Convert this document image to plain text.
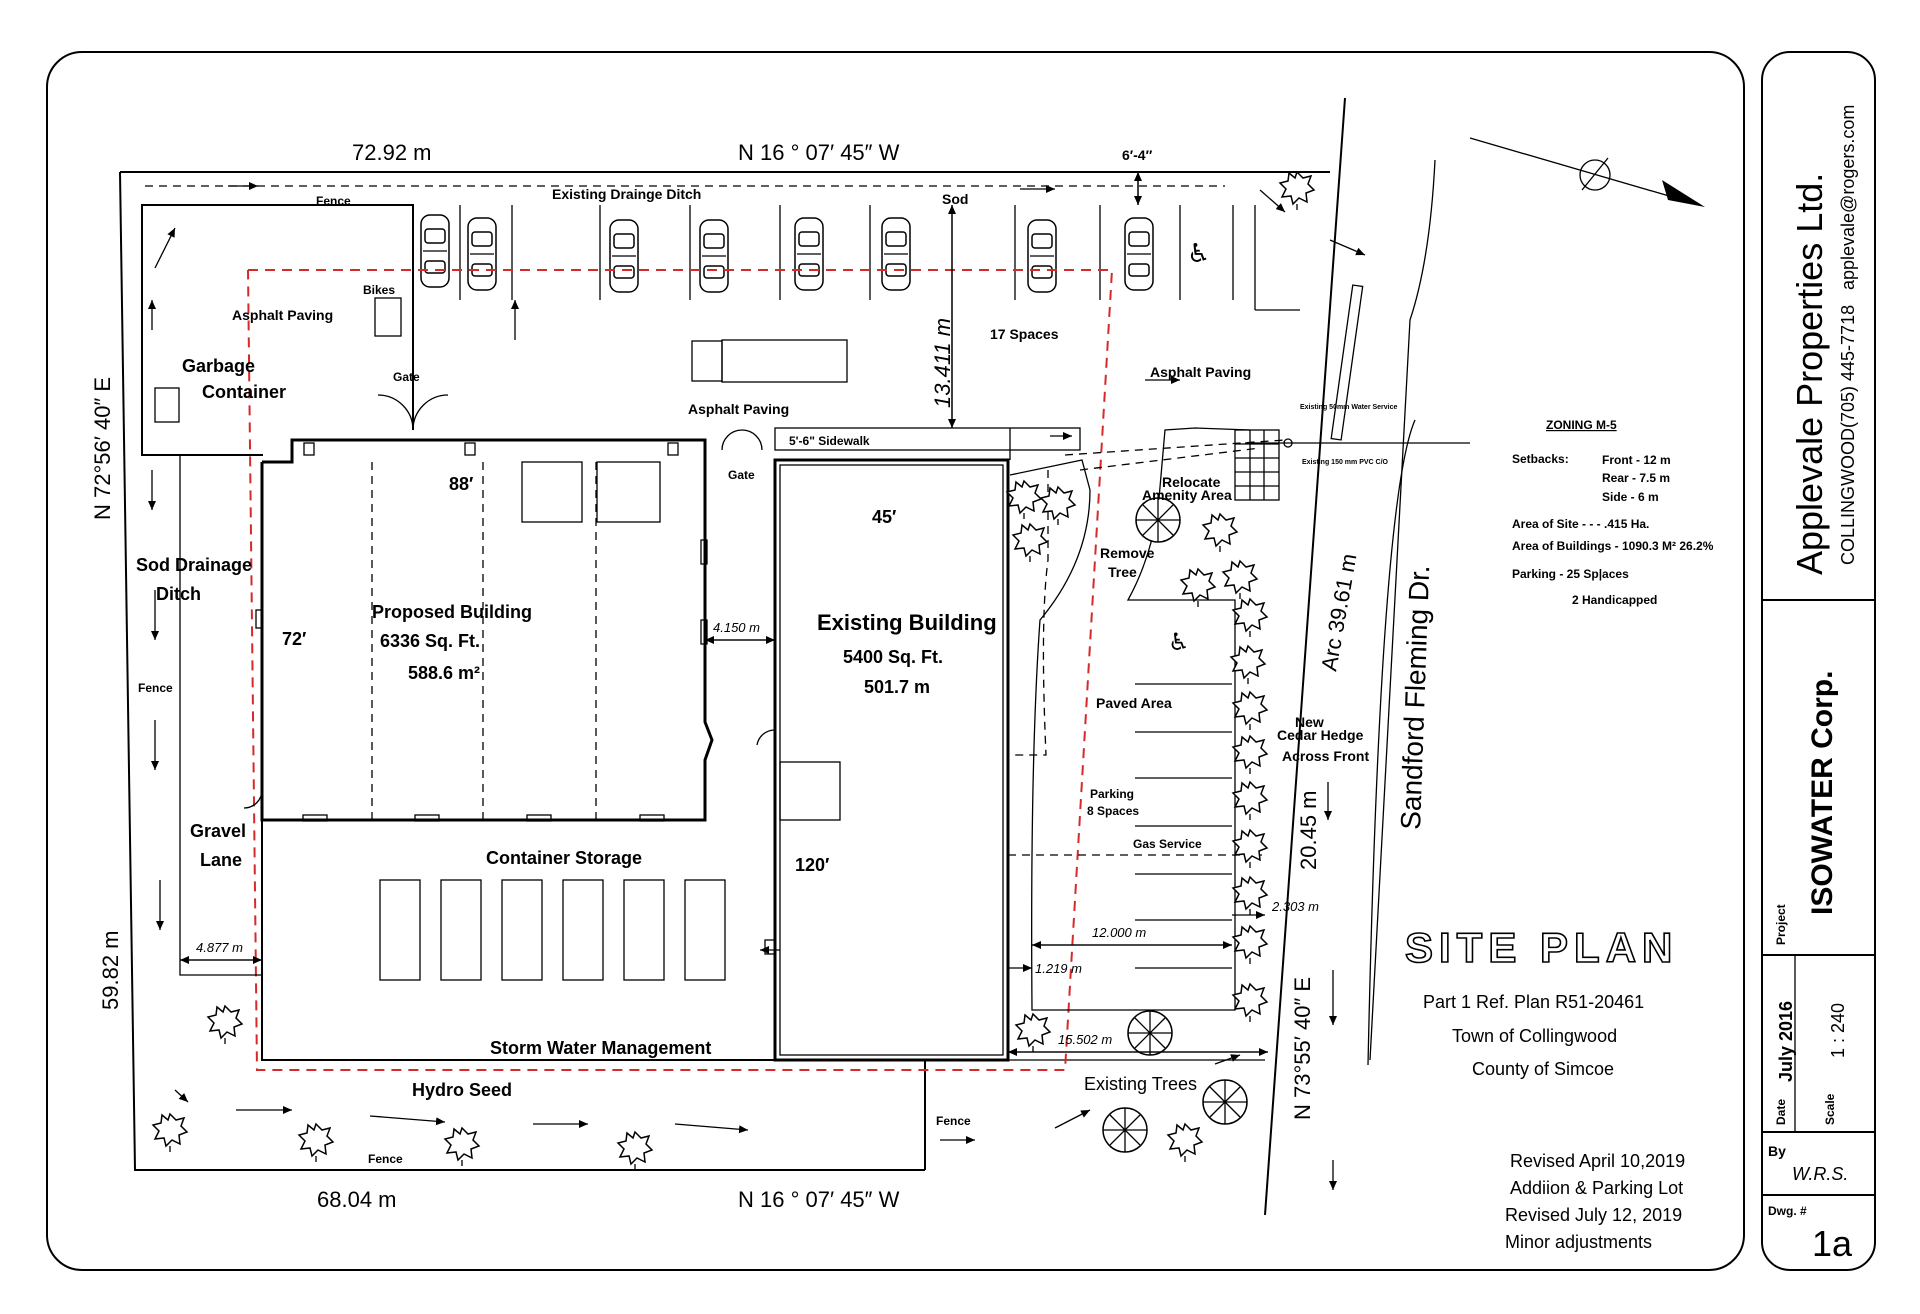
Applevale Properties Ltd. COLLINGWOOD
(705) 445-7718
applevale@rogers.com
Project
ISOWATER Corp.
Date
July 2016
Scale
1 : 240
By
W.R.S.
Dwg. #
1a
♿
♿
72.92 m	N 16 ° 07′ 45″ W
68.04 m	N 16 ° 07′ 45″ W
N 72°56′ 40″ E
59.82 m
N 73°55′ 40″ E
20.45 m
Arc 39.61 m Sandford Fleming Dr.
Existing Drainge Ditch
Fence	Sod
Bikes
Asphalt Paving
Garbage
Container
Gate
Asphalt Paving
17 Spaces
Asphalt Paving
5'-6" Sidewalk
Gate
Sod Drainage
Ditch
Fence
Gravel
Lane
88′
72′
45′
120′
Proposed Building
6336 Sq. Ft.
588.6 m²
Existing Building
5400 Sq. Ft.
501.7 m
Container Storage
Storm Water Management
Hydro Seed
Fence
Fence
Existing Trees
Relocate
Amenity Area
Remove
Tree
Paved Area
Parking
8 Spaces
Gas Service
New
Cedar Hedge
Across Front
Existing 50mm Water Service
Existing 150 mm PVC C/O
6′-4″
13.411 m
4.150 m
4.877 m
12.000 m
1.219 m
2.303 m
15.502 m
ZONING M-5
Setbacks:	Front - 12 m
Rear - 7.5 m
Side - 6 m
Area of Site - - - .415 Ha.
Area of Buildings - 1090.3 M² 26.2%
Parking - 25 Sp|aces
2 Handicapped
SITE PLAN
Part 1 Ref. Plan R51-20461
Town of Collingwood
County of Simcoe
Revised April 10,2019
Addiion & Parking Lot
Revised July 12, 2019
Minor adjustments
